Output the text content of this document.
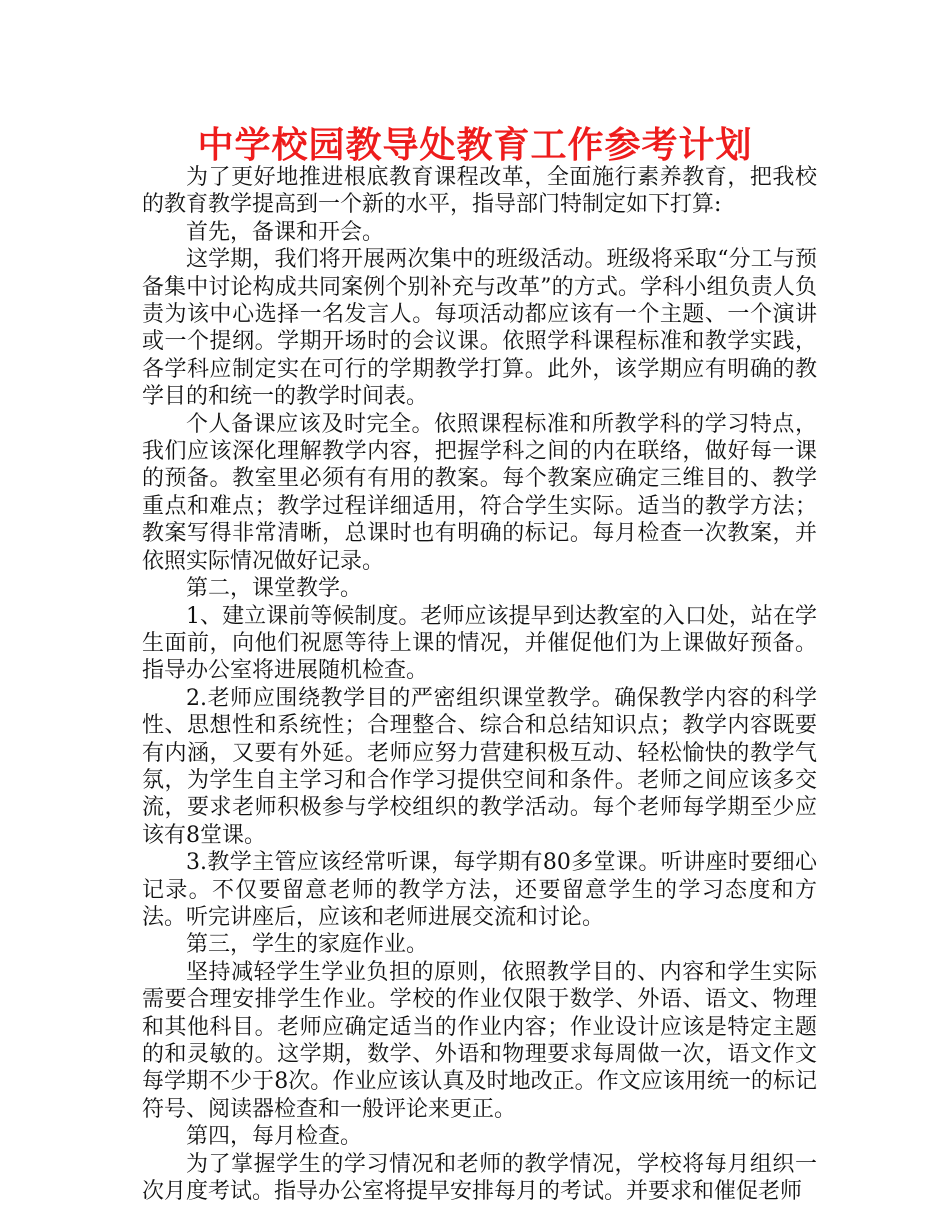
中学校园教导处教育工作参考计划

为了更好地推进根底教育课程改革，全面施行素养教育，把我校的教育教学提高到一个新的水平，指导部门特制定如下打算:

首先，备课和开会。

这学期，我们将开展两次集中的班级活动。班级将采取“分工与预备集中讨论构成共同案例个别补充与改革”的方式。学科小组负责人负责为该中心选择一名发言人。每项活动都应该有一个主题、一个演讲或一个提纲。学期开场时的会议课。依照学科课程标准和教学实践，各学科应制定实在可行的学期教学打算。此外，该学期应有明确的教学目的和统一的教学时间表。

个人备课应该及时完全。依照课程标准和所教学科的学习特点，我们应该深化理解教学内容，把握学科之间的内在联络，做好每一课的预备。教室里必须有有用的教案。每个教案应确定三维目的、教学重点和难点；教学过程详细适用，符合学生实际。适当的教学方法；教案写得非常清晰，总课时也有明确的标记。每月检查一次教案，并依照实际情况做好记录。

第二，课堂教学。

1、建立课前等候制度。老师应该提早到达教室的入口处，站在学生面前，向他们祝愿等待上课的情况，并催促他们为上课做好预备。指导办公室将进展随机检查。

2.老师应围绕教学目的严密组织课堂教学。确保教学内容的科学性、思想性和系统性；合理整合、综合和总结知识点；教学内容既要有内涵，又要有外延。老师应努力营建积极互动、轻松愉快的教学气氛，为学生自主学习和合作学习提供空间和条件。老师之间应该多交流，要求老师积极参与学校组织的教学活动。每个老师每学期至少应该有8堂课。

3.教学主管应该经常听课，每学期有80多堂课。听讲座时要细心记录。不仅要留意老师的教学方法，还要留意学生的学习态度和方法。听完讲座后，应该和老师进展交流和讨论。

第三，学生的家庭作业。

坚持减轻学生学业负担的原则，依照教学目的、内容和学生实际需要合理安排学生作业。学校的作业仅限于数学、外语、语文、物理和其他科目。老师应确定适当的作业内容；作业设计应该是特定主题的和灵敏的。这学期，数学、外语和物理要求每周做一次，语文作文每学期不少于8次。作业应该认真及时地改正。作文应该用统一的标记符号、阅读器检查和一般评论来更正。

第四，每月检查。

为了掌握学生的学习情况和老师的教学情况，学校将每月组织一次月度考试。指导办公室将提早安排每月的考试。并要求和催促老师
